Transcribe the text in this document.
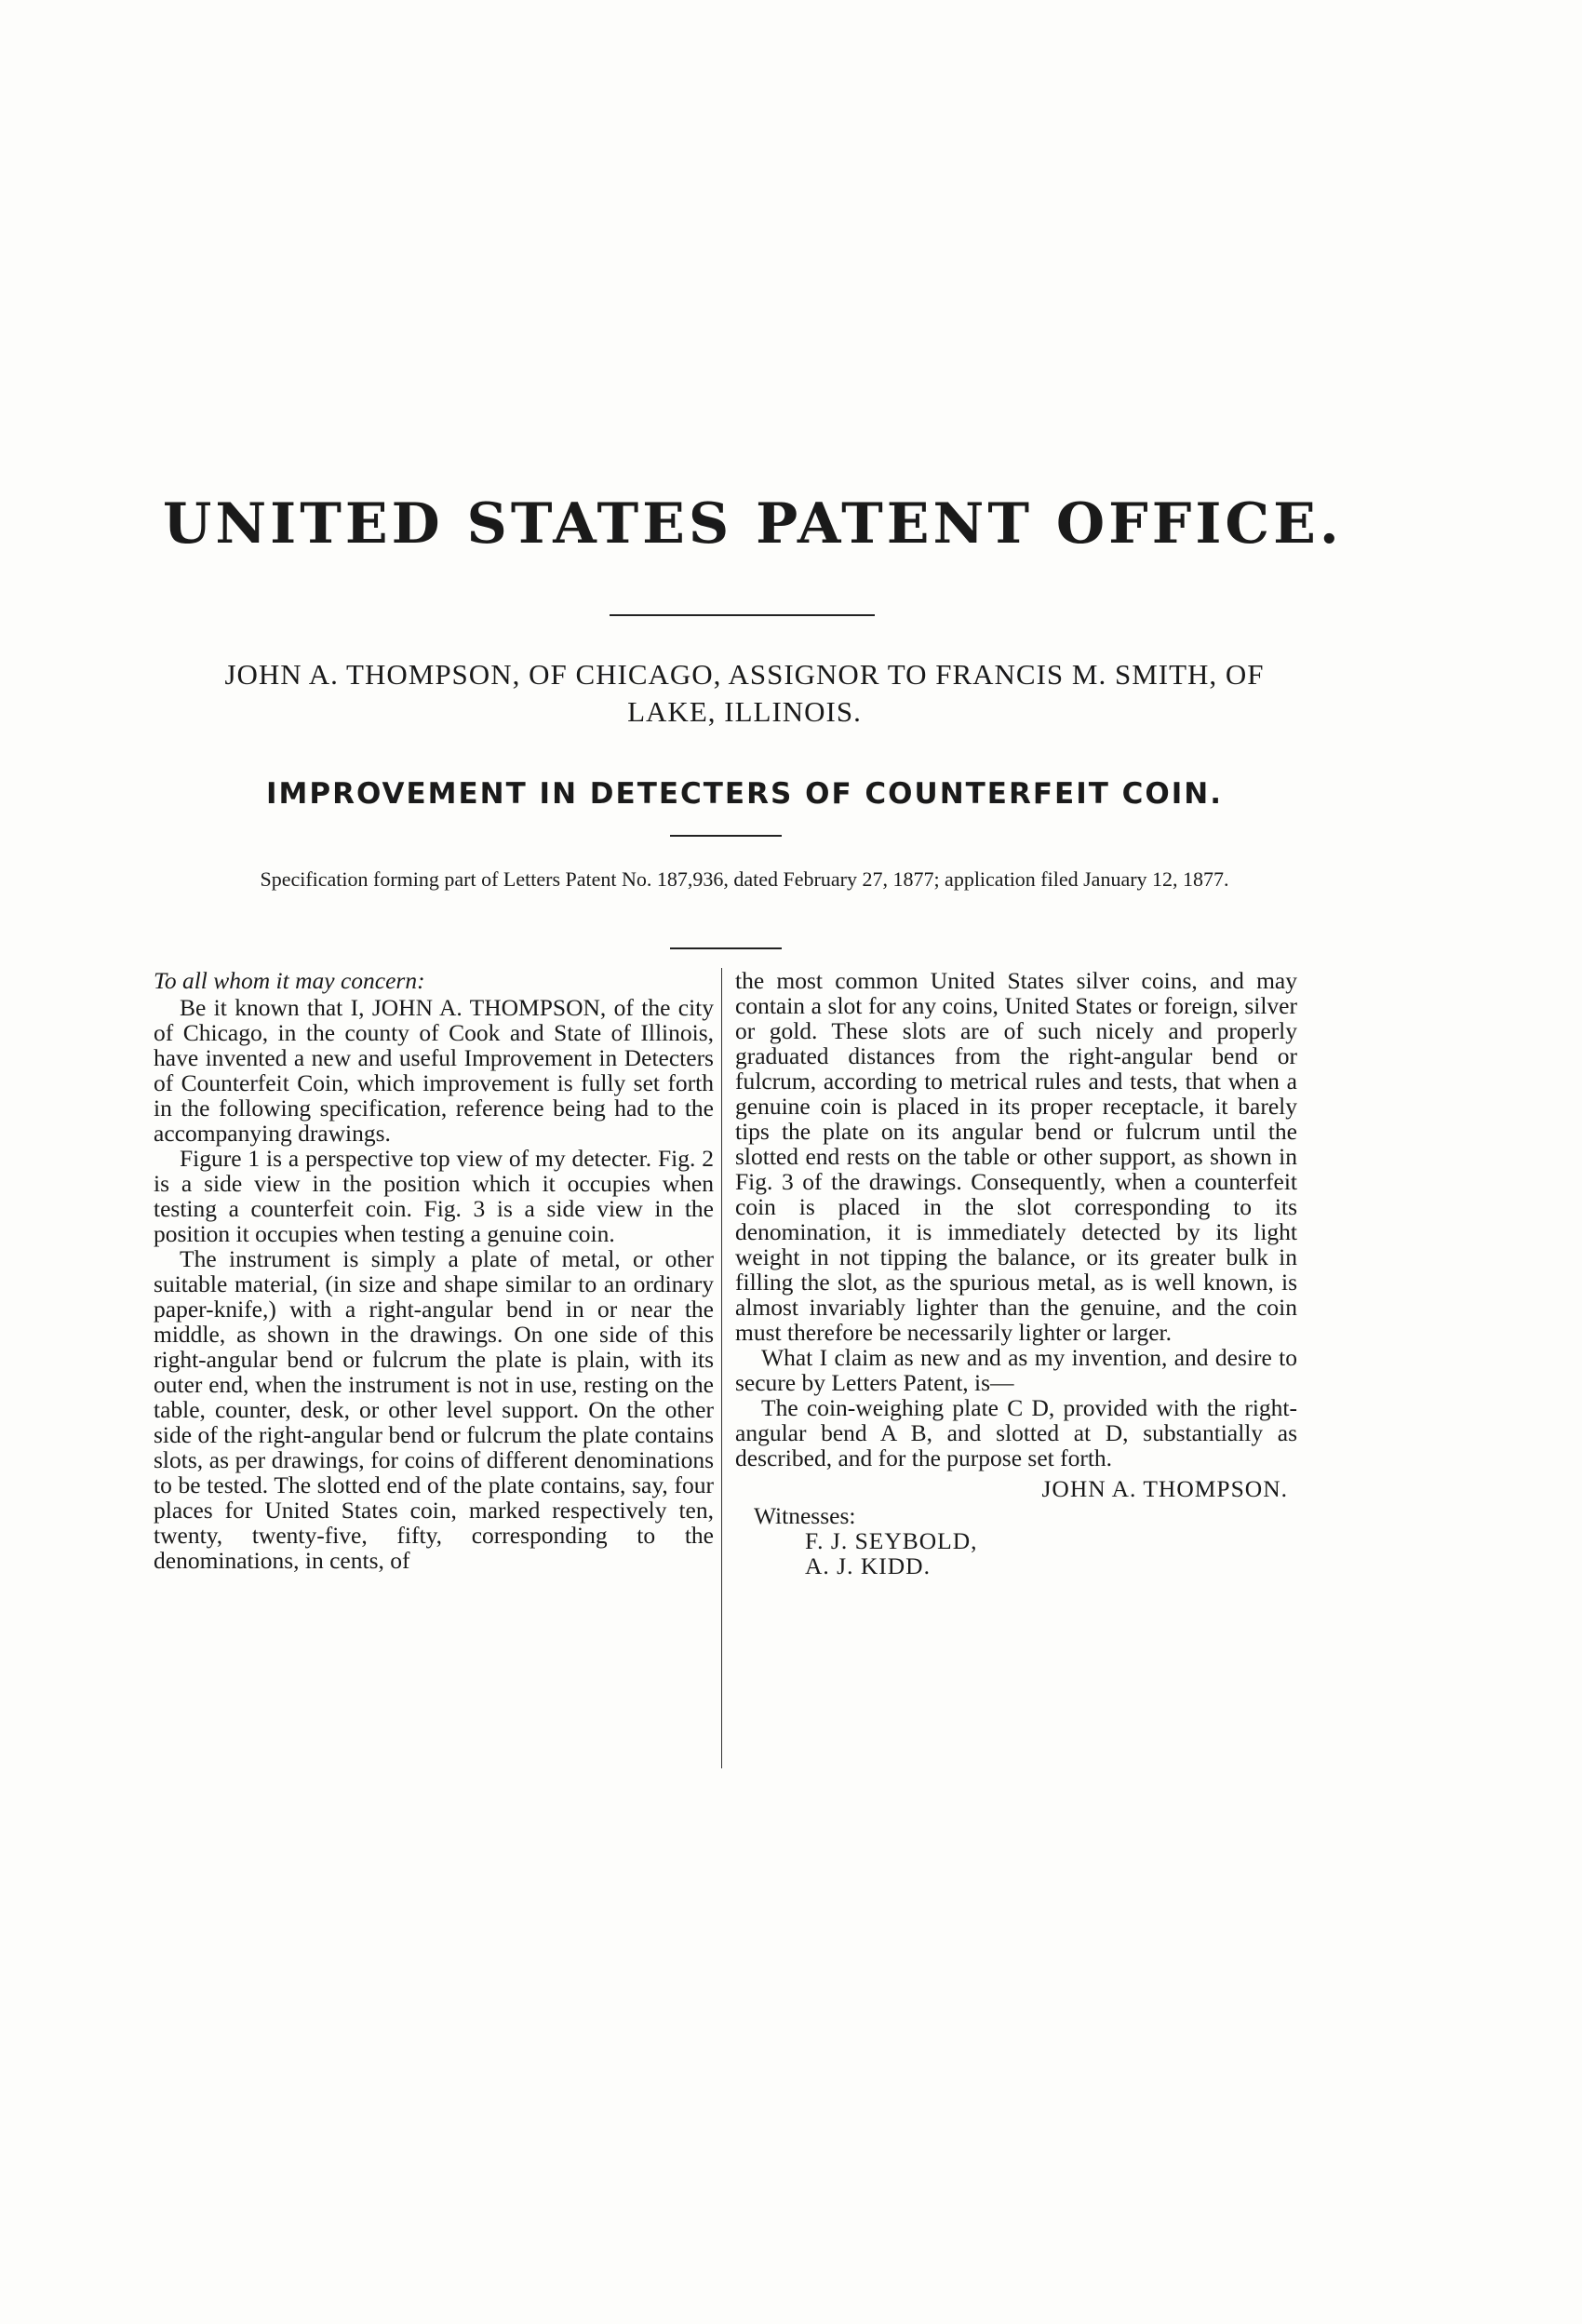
UNITED STATES PATENT OFFICE.
JOHN A. THOMPSON, OF CHICAGO, ASSIGNOR TO FRANCIS M. SMITH, OF
LAKE, ILLINOIS.
IMPROVEMENT IN DETECTERS OF COUNTERFEIT COIN.

Specification forming part of Letters Patent No. 187,936, dated February 27, 1877; application filed January 12, 1877.

To all whom it may concern:

Be it known that I, JOHN A. THOMPSON, of the city of Chicago, in the county of Cook and State of Illinois, have invented a new and useful Improvement in Detecters of Counterfeit Coin, which improvement is fully set forth in the following specification, reference being had to the accompanying drawings.

Figure 1 is a perspective top view of my detecter. Fig. 2 is a side view in the position which it occupies when testing a counterfeit coin. Fig. 3 is a side view in the position it occupies when testing a genuine coin.

The instrument is simply a plate of metal, or other suitable material, (in size and shape similar to an ordinary paper-knife,) with a right-angular bend in or near the middle, as shown in the drawings. On one side of this right-angular bend or fulcrum the plate is plain, with its outer end, when the instrument is not in use, resting on the table, counter, desk, or other level support. On the other side of the right-angular bend or fulcrum the plate contains slots, as per drawings, for coins of different denominations to be tested. The slotted end of the plate contains, say, four places for United States coin, marked respectively ten, twenty, twenty-five, fifty, corresponding to the denominations, in cents, of

the most common United States silver coins, and may contain a slot for any coins, United States or foreign, silver or gold. These slots are of such nicely and properly graduated distances from the right-angular bend or fulcrum, according to metrical rules and tests, that when a genuine coin is placed in its proper receptacle, it barely tips the plate on its angular bend or fulcrum until the slotted end rests on the table or other support, as shown in Fig. 3 of the drawings. Consequently, when a counterfeit coin is placed in the slot corresponding to its denomination, it is immediately detected by its light weight in not tipping the balance, or its greater bulk in filling the slot, as the spurious metal, as is well known, is almost invariably lighter than the genuine, and the coin must therefore be necessarily lighter or larger.

What I claim as new and as my invention, and desire to secure by Letters Patent, is—

The coin-weighing plate C D, provided with the right-angular bend A B, and slotted at D, substantially as described, and for the purpose set forth.

JOHN A. THOMPSON.
Witnesses:
F. J. SEYBOLD,
A. J. KIDD.
